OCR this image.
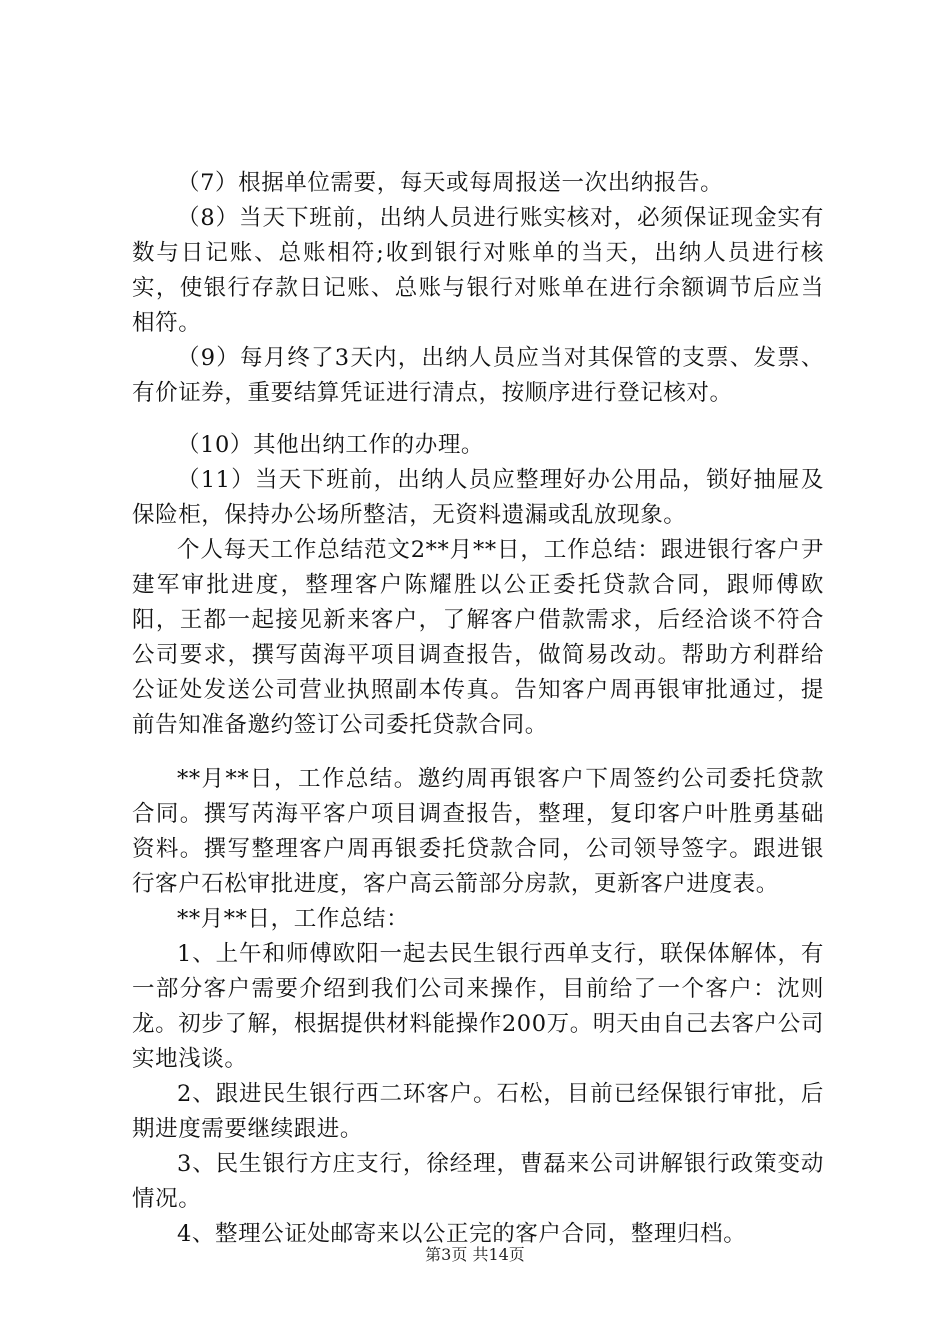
（7）根据单位需要，每天或每周报送一次出纳报告。

（8）当天下班前，出纳人员进行账实核对，必须保证现金实有数与日记账、总账相符;收到银行对账单的当天，出纳人员进行核实，使银行存款日记账、总账与银行对账单在进行余额调节后应当相符。

（9）每月终了3天内，出纳人员应当对其保管的支票、发票、有价证券，重要结算凭证进行清点，按顺序进行登记核对。

（10）其他出纳工作的办理。

（11）当天下班前，出纳人员应整理好办公用品，锁好抽屉及保险柜，保持办公场所整洁，无资料遗漏或乱放现象。

个人每天工作总结范文2**月**日，工作总结：跟进银行客户尹建军审批进度，整理客户陈耀胜以公正委托贷款合同，跟师傅欧阳，王都一起接见新来客户，了解客户借款需求，后经洽谈不符合公司要求，撰写茵海平项目调查报告，做简易改动。帮助方利群给公证处发送公司营业执照副本传真。告知客户周再银审批通过，提前告知准备邀约签订公司委托贷款合同。

**月**日，工作总结。邀约周再银客户下周签约公司委托贷款合同。撰写芮海平客户项目调查报告，整理，复印客户叶胜勇基础资料。撰写整理客户周再银委托贷款合同，公司领导签字。跟进银行客户石松审批进度，客户高云箭部分房款，更新客户进度表。

**月**日，工作总结：

1、上午和师傅欧阳一起去民生银行西单支行，联保体解体，有一部分客户需要介绍到我们公司来操作，目前给了一个客户：沈则龙。初步了解，根据提供材料能操作200万。明天由自己去客户公司实地浅谈。

2、跟进民生银行西二环客户。石松，目前已经保银行审批，后期进度需要继续跟进。

3、民生银行方庄支行，徐经理，曹磊来公司讲解银行政策变动情况。

4、整理公证处邮寄来以公正完的客户合同，整理归档。

第3页 共14页
